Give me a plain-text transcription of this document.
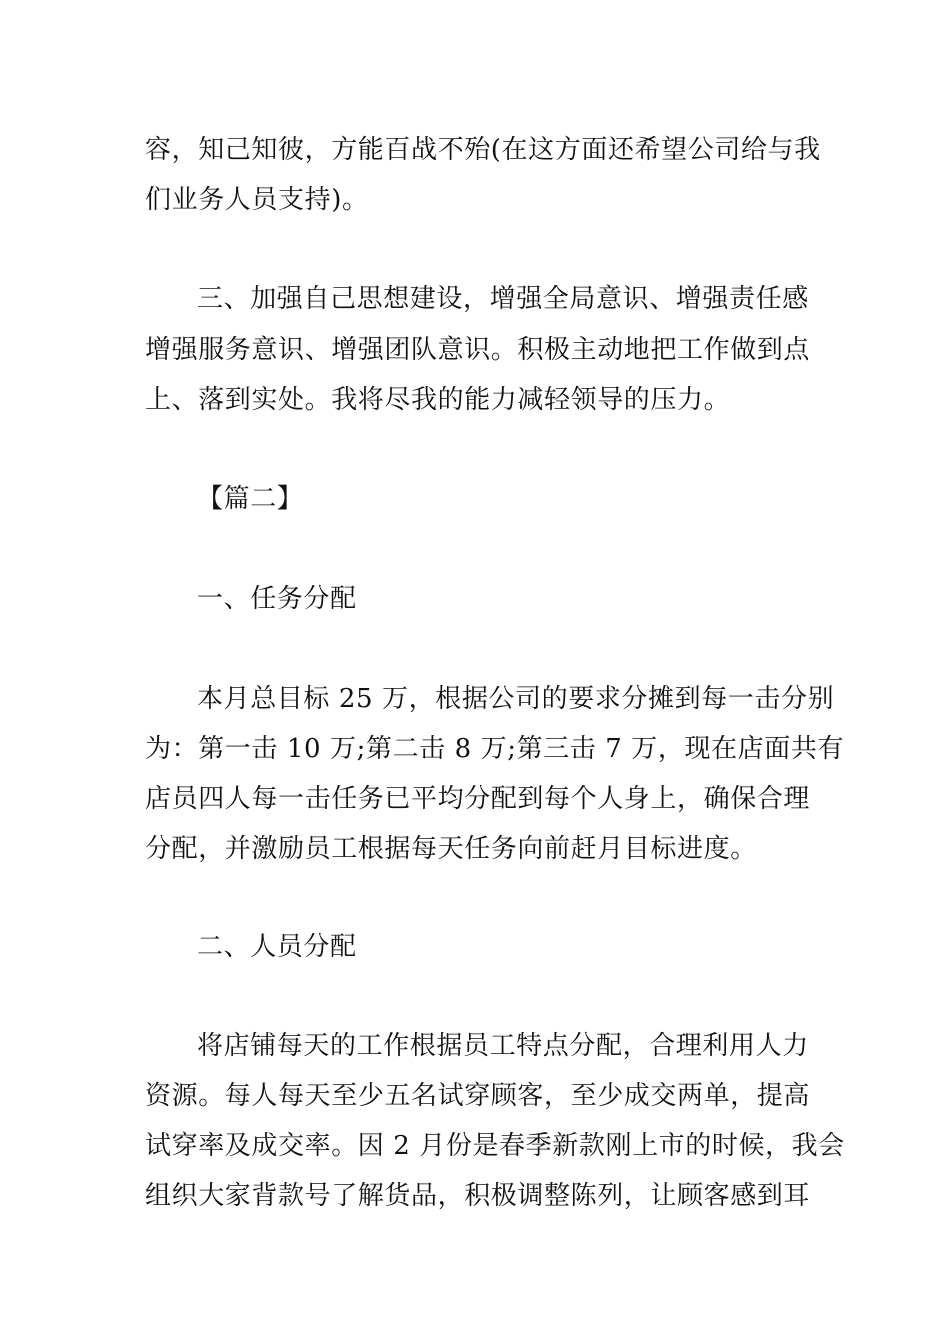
容，知己知彼，方能百战不殆(在这方面还希望公司给与我
们业务人员支持)。
三、加强自己思想建设，增强全局意识、增强责任感
增强服务意识、增强团队意识。积极主动地把工作做到点
上、落到实处。我将尽我的能力减轻领导的压力。
【篇二】
一、任务分配
本月总目标 25 万，根据公司的要求分摊到每一击分别
为：第一击 10 万;第二击 8 万;第三击 7 万，现在店面共有
店员四人每一击任务已平均分配到每个人身上，确保合理
分配，并激励员工根据每天任务向前赶月目标进度。
二、人员分配
将店铺每天的工作根据员工特点分配，合理利用人力
资源。每人每天至少五名试穿顾客，至少成交两单，提高
试穿率及成交率。因 2 月份是春季新款刚上市的时候，我会
组织大家背款号了解货品，积极调整陈列，让顾客感到耳
